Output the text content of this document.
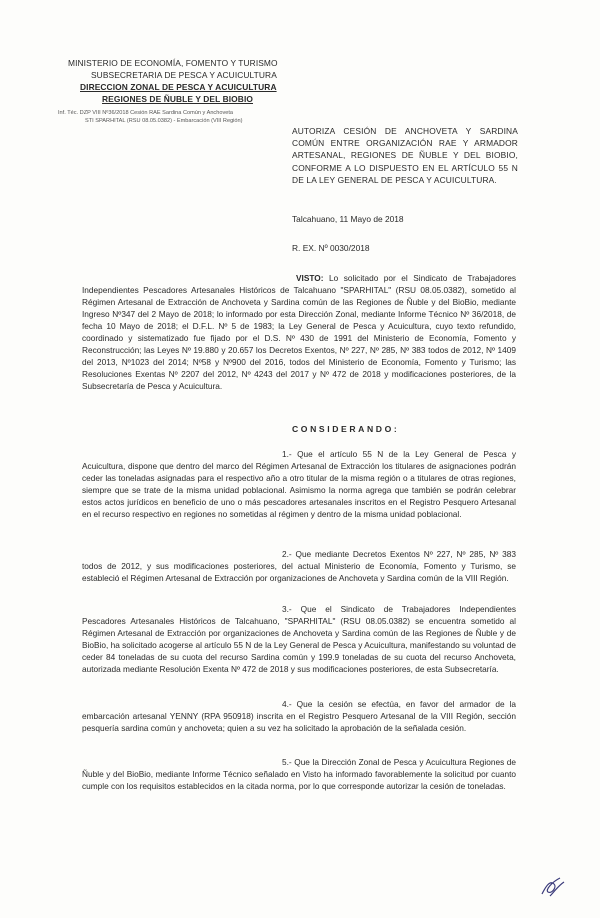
MINISTERIO DE ECONOMÍA, FOMENTO Y TURISMO
SUBSECRETARIA DE PESCA Y ACUICULTURA
DIRECCION ZONAL DE PESCA Y ACUICULTURA
REGIONES DE ÑUBLE Y DEL BIOBIO
Inf. Téc. DZP VIII Nº36/2018 Cesión RAE Sardina Común y Anchoveta
STI SPARHITAL (RSU 08.05.0382) - Embarcación (VIII Región)
AUTORIZA CESIÓN DE ANCHOVETA Y SARDINA COMÚN ENTRE ORGANIZACIÓN RAE Y ARMADOR ARTESANAL, REGIONES DE ÑUBLE Y DEL BIOBIO, CONFORME A LO DISPUESTO EN EL ARTÍCULO 55 N DE LA LEY GENERAL DE PESCA Y ACUICULTURA.
Talcahuano, 11 Mayo de 2018
R. EX. Nº 0030/2018

VISTO: Lo solicitado por el Sindicato de Trabajadores Independientes Pescadores Artesanales Históricos de Talcahuano "SPARHITAL" (RSU 08.05.0382), sometido al Régimen Artesanal de Extracción de Anchoveta y Sardina común de las Regiones de Ñuble y del BioBio, mediante Ingreso Nº347 del 2 Mayo de 2018; lo informado por esta Dirección Zonal, mediante Informe Técnico Nº 36/2018, de fecha 10 Mayo de 2018; el D.F.L. Nº 5 de 1983; la Ley General de Pesca y Acuicultura, cuyo texto refundido, coordinado y sistematizado fue fijado por el D.S. Nº 430 de 1991 del Ministerio de Economía, Fomento y Reconstrucción; las Leyes Nº 19.880 y 20.657 los Decretos Exentos, Nº 227, Nº 285, Nº 383 todos de 2012, Nº 1409 del 2013, Nº1023 del 2014; Nº58 y Nº900 del 2016, todos del Ministerio de Economía, Fomento y Turismo; las Resoluciones Exentas Nº 2207 del 2012, Nº 4243 del 2017 y Nº 472 de 2018 y modificaciones posteriores, de la Subsecretaría de Pesca y Acuicultura.

CONSIDERANDO:

1.- Que el artículo 55 N de la Ley General de Pesca y Acuicultura, dispone que dentro del marco del Régimen Artesanal de Extracción los titulares de asignaciones podrán ceder las toneladas asignadas para el respectivo año a otro titular de la misma región o a titulares de otras regiones, siempre que se trate de la misma unidad poblacional. Asimismo la norma agrega que también se podrán celebrar estos actos jurídicos en beneficio de uno o más pescadores artesanales inscritos en el Registro Pesquero Artesanal en el recurso respectivo en regiones no sometidas al régimen y dentro de la misma unidad poblacional.

2.- Que mediante Decretos Exentos Nº 227, Nº 285, Nº 383 todos de 2012, y sus modificaciones posteriores, del actual Ministerio de Economía, Fomento y Turismo, se estableció el Régimen Artesanal de Extracción por organizaciones de Anchoveta y Sardina común de la VIII Región.

3.- Que el Sindicato de Trabajadores Independientes Pescadores Artesanales Históricos de Talcahuano, "SPARHITAL" (RSU 08.05.0382) se encuentra sometido al Régimen Artesanal de Extracción por organizaciones de Anchoveta y Sardina común de las Regiones de Ñuble y de BioBio, ha solicitado acogerse al artículo 55 N de la Ley General de Pesca y Acuicultura, manifestando su voluntad de ceder 84 toneladas de su cuota del recurso Sardina común y 199.9 toneladas de su cuota del recurso Anchoveta, autorizada mediante Resolución Exenta Nº 472 de 2018 y sus modificaciones posteriores, de esta Subsecretaría.

4.- Que la cesión se efectúa, en favor del armador de la embarcación artesanal YENNY (RPA 950918) inscrita en el Registro Pesquero Artesanal de la VIII Región, sección pesquería sardina común y anchoveta; quien a su vez ha solicitado la aprobación de la señalada cesión.

5.- Que la Dirección Zonal de Pesca y Acuicultura Regiones de Ñuble y del BioBio, mediante Informe Técnico señalado en Visto ha informado favorablemente la solicitud por cuanto cumple con los requisitos establecidos en la citada norma, por lo que corresponde autorizar la cesión de toneladas.
